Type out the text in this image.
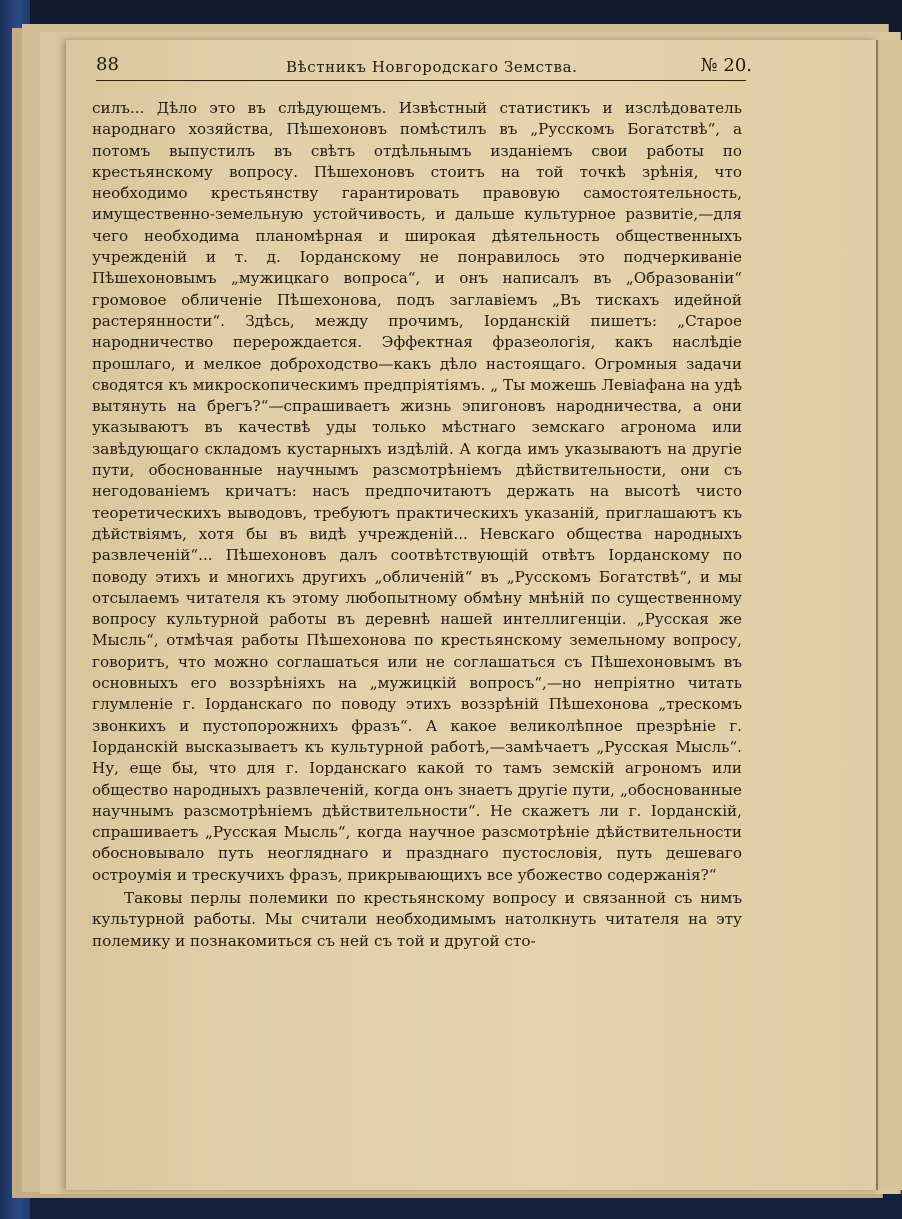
88	Вѣстникъ Новгородскаго Земства.	№ 20.

силъ... Дѣло это въ слѣдующемъ. Извѣстный статистикъ и изслѣдователь народнаго хозяйства, Пѣшехоновъ помѣстилъ въ „Русскомъ Богатствѣ“, а потомъ выпустилъ въ свѣтъ отдѣльнымъ изданіемъ свои работы по крестьянскому вопросу. Пѣшехоновъ стоитъ на той точкѣ зрѣнія, что необходимо крестьянству гарантировать правовую самостоятельность, имущественно-земельную устойчивость, и дальше культурное развитіе,—для чего необходима планомѣрная и широкая дѣятельность общественныхъ учрежденій и т. д. Іорданскому не понравилось это подчеркиваніе Пѣшехоновымъ „мужицкаго вопроса“, и онъ написалъ въ „Образованіи“ громовое обличеніе Пѣшехонова, подъ заглавіемъ „Въ тискахъ идейной растерянности“. Здѣсь, между прочимъ, Іорданскій пишетъ: „Старое народничество перерождается. Эффектная фразеологія, какъ наслѣдіе прошлаго, и мелкое доброходство—какъ дѣло настоящаго. Огромныя задачи сводятся къ микроскопическимъ предпріятіямъ. „ Ты можешь Левіафана на удѣ вытянуть на брегъ?“—спрашиваетъ жизнь эпигоновъ народничества, а они указываютъ въ качествѣ уды только мѣстнаго земскаго агронома или завѣдующаго складомъ кустарныхъ издѣлій. А когда имъ указываютъ на другіе пути, обоснованные научнымъ разсмотрѣніемъ дѣйствительности, они съ негодованіемъ кричатъ: насъ предпочитаютъ держать на высотѣ чисто теоретическихъ выводовъ, требуютъ практическихъ указаній, приглашаютъ къ дѣйствіямъ, хотя бы въ видѣ учрежденій... Невскаго общества народныхъ развлеченій“... Пѣшехоновъ далъ соотвѣтствующій отвѣтъ Іорданскому по поводу этихъ и многихъ другихъ „обличеній“ въ „Русскомъ Богатствѣ“, и мы отсылаемъ читателя къ этому любопытному обмѣну мнѣній по существенному вопросу культурной работы въ деревнѣ нашей интеллигенціи. „Русская же Мысль“, отмѣчая работы Пѣшехонова по крестьянскому земельному вопросу, говоритъ, что можно соглашаться или не соглашаться съ Пѣшехоновымъ въ основныхъ его воззрѣніяхъ на „мужицкій вопросъ“,—но непріятно читать глумленіе г. Іорданскаго по поводу этихъ воззрѣній Пѣшехонова „трескомъ звонкихъ и пустопорожнихъ фразъ“. А какое великолѣпное презрѣніе г. Іорданскій высказываетъ къ культурной работѣ,—замѣчаетъ „Русская Мысль“. Ну, еще бы, что для г. Іорданскаго какой то тамъ земскій агрономъ или общество народныхъ развлеченій, когда онъ знаетъ другіе пути, „обоснованные научнымъ разсмотрѣніемъ дѣйствительности“. Не скажетъ ли г. Іорданскій, спрашиваетъ „Русская Мысль“, когда научное разсмотрѣніе дѣйствительности обосновывало путь неогляднаго и празднаго пустословія, путь дешеваго остроумія и трескучихъ фразъ, прикрывающихъ все убожество содержанія?“

Таковы перлы полемики по крестьянскому вопросу и связанной съ нимъ культурной работы. Мы считали необходимымъ натолкнуть читателя на эту полемику и познакомиться съ ней съ той и другой сто-
